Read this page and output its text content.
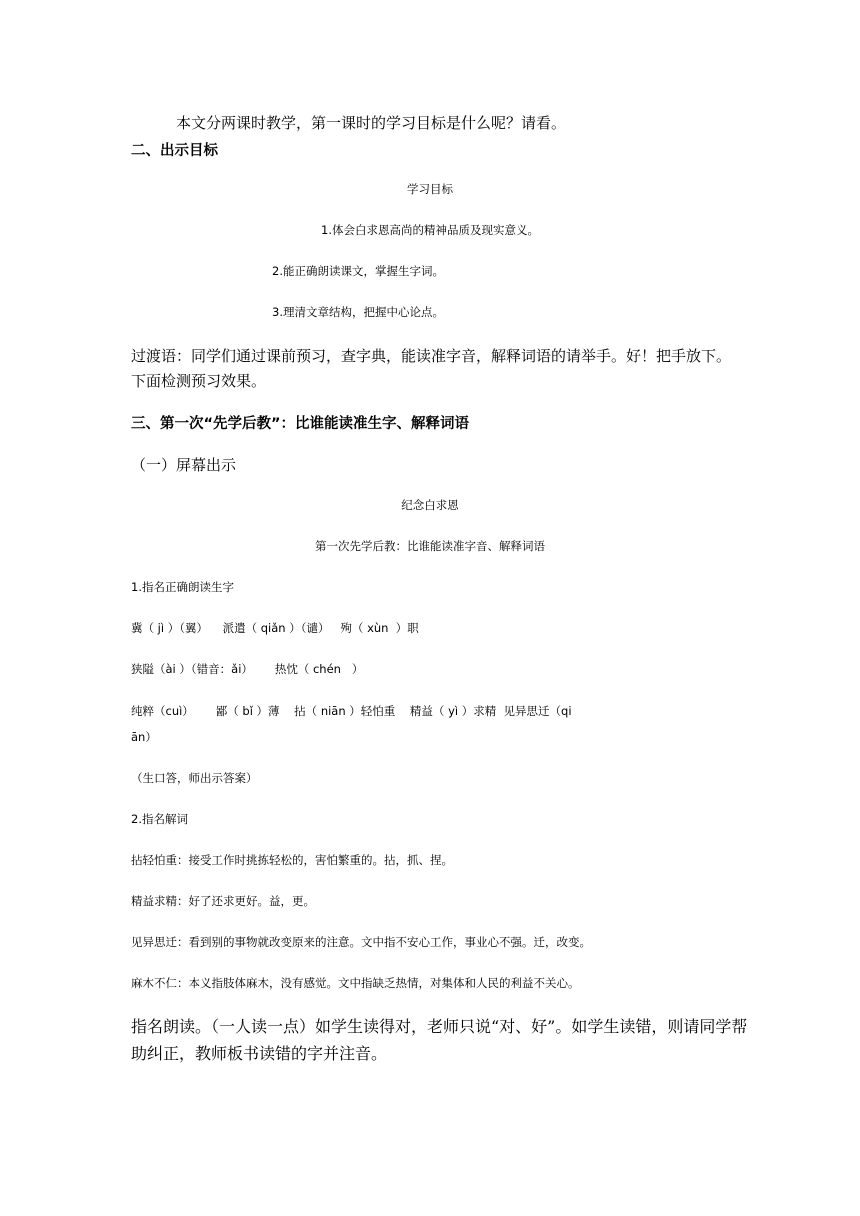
本文分两课时教学，第一课时的学习目标是什么呢？请看。

二、出示目标

学习目标

1.体会白求恩高尚的精神品质及现实意义。

2.能正确朗读课文，掌握生字词。

3.理清文章结构，把握中心论点。

过渡语：同学们通过课前预习，查字典，能读准字音，解释词语的请举手。好！把手放下。

下面检测预习效果。

三、第一次“先学后教”：比谁能读准生字、解释词语

（一）屏幕出示

纪念白求恩

第一次先学后教：比谁能读准字音、解释词语

1.指名正确朗读生字

冀（ jì ）（翼）    派遣（ qiǎn ）（谴）   殉（ xùn  ）职

狭隘（ài ）（错音：ǎi）      热忱（ chén   ）

纯粹（cuì）      鄙（ bǐ ）薄    拈（ niān ）轻怕重    精益（ yì ）求精  见异思迁（qi

ān）

（生口答，师出示答案）

2.指名解词

拈轻怕重：接受工作时挑拣轻松的，害怕繁重的。拈，抓、捏。

精益求精：好了还求更好。益，更。

见异思迁：看到别的事物就改变原来的注意。文中指不安心工作，事业心不强。迁，改变。

麻木不仁：本义指肢体麻木，没有感觉。文中指缺乏热情，对集体和人民的利益不关心。

指名朗读。（一人读一点）如学生读得对，老师只说“对、好”。如学生读错，则请同学帮

助纠正，教师板书读错的字并注音。
